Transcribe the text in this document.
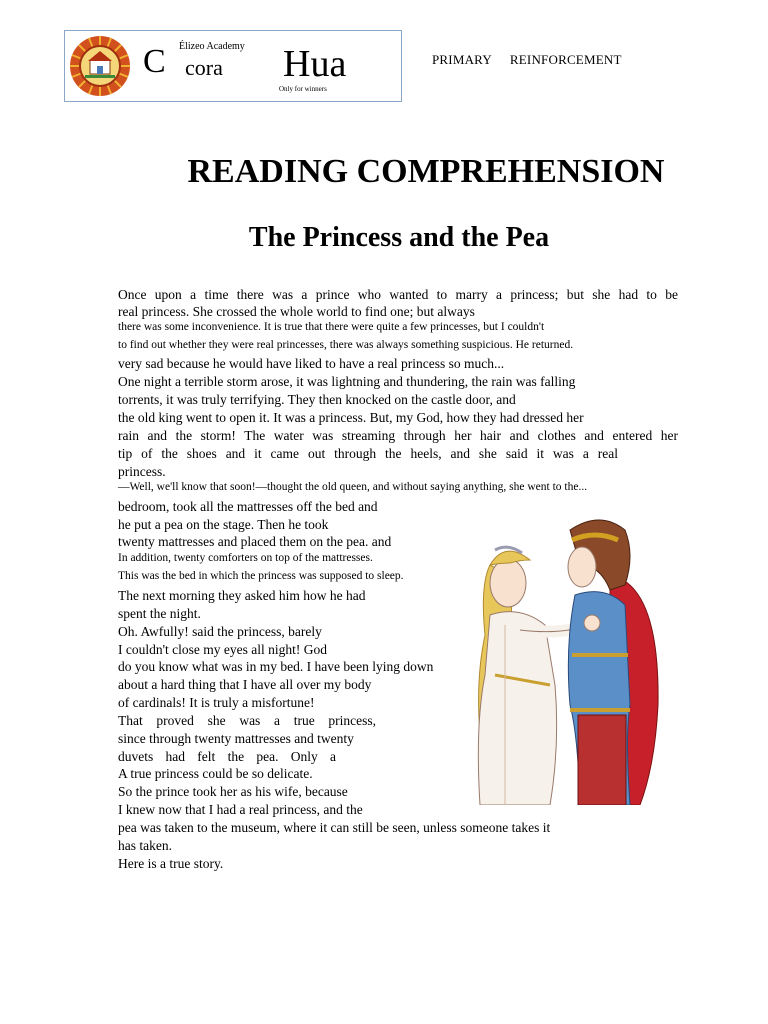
Élizeo Academy
C cora Hua
Only for winners
PRIMARY REINFORCEMENT
READING COMPREHENSION
The Princess and the Pea
Once upon a time there was a prince who wanted to marry a princess; but she had to be
real princess. She crossed the whole world to find one; but always
there was some inconvenience. It is true that there were quite a few princesses, but I couldn't
to find out whether they were real princesses, there was always something suspicious. He returned.
very sad because he would have liked to have a real princess so much...
One night a terrible storm arose, it was lightning and thundering, the rain was falling
torrents, it was truly terrifying. They then knocked on the castle door, and
the old king went to open it. It was a princess. But, my God, how they had dressed her
rain and the storm! The water was streaming through her hair and clothes and entered her
tip of the shoes and it came out through the heels, and she said it was a real
princess.
—Well, we'll know that soon!—thought the old queen, and without saying anything, she went to the...
bedroom, took all the mattresses off the bed and
he put a pea on the stage. Then he took
twenty mattresses and placed them on the pea. and
In addition, twenty comforters on top of the mattresses.
This was the bed in which the princess was supposed to sleep.
The next morning they asked him how he had
spent the night.
Oh. Awfully! said the princess, barely
I couldn't close my eyes all night! God
do you know what was in my bed. I have been lying down
about a hard thing that I have all over my body
of cardinals! It is truly a misfortune!
That proved she was a true princess,
since through twenty mattresses and twenty
duvets had felt the pea. Only a
A true princess could be so delicate.
So the prince took her as his wife, because
I knew now that I had a real princess, and the
pea was taken to the museum, where it can still be seen, unless someone takes it
has taken.
Here is a true story.
